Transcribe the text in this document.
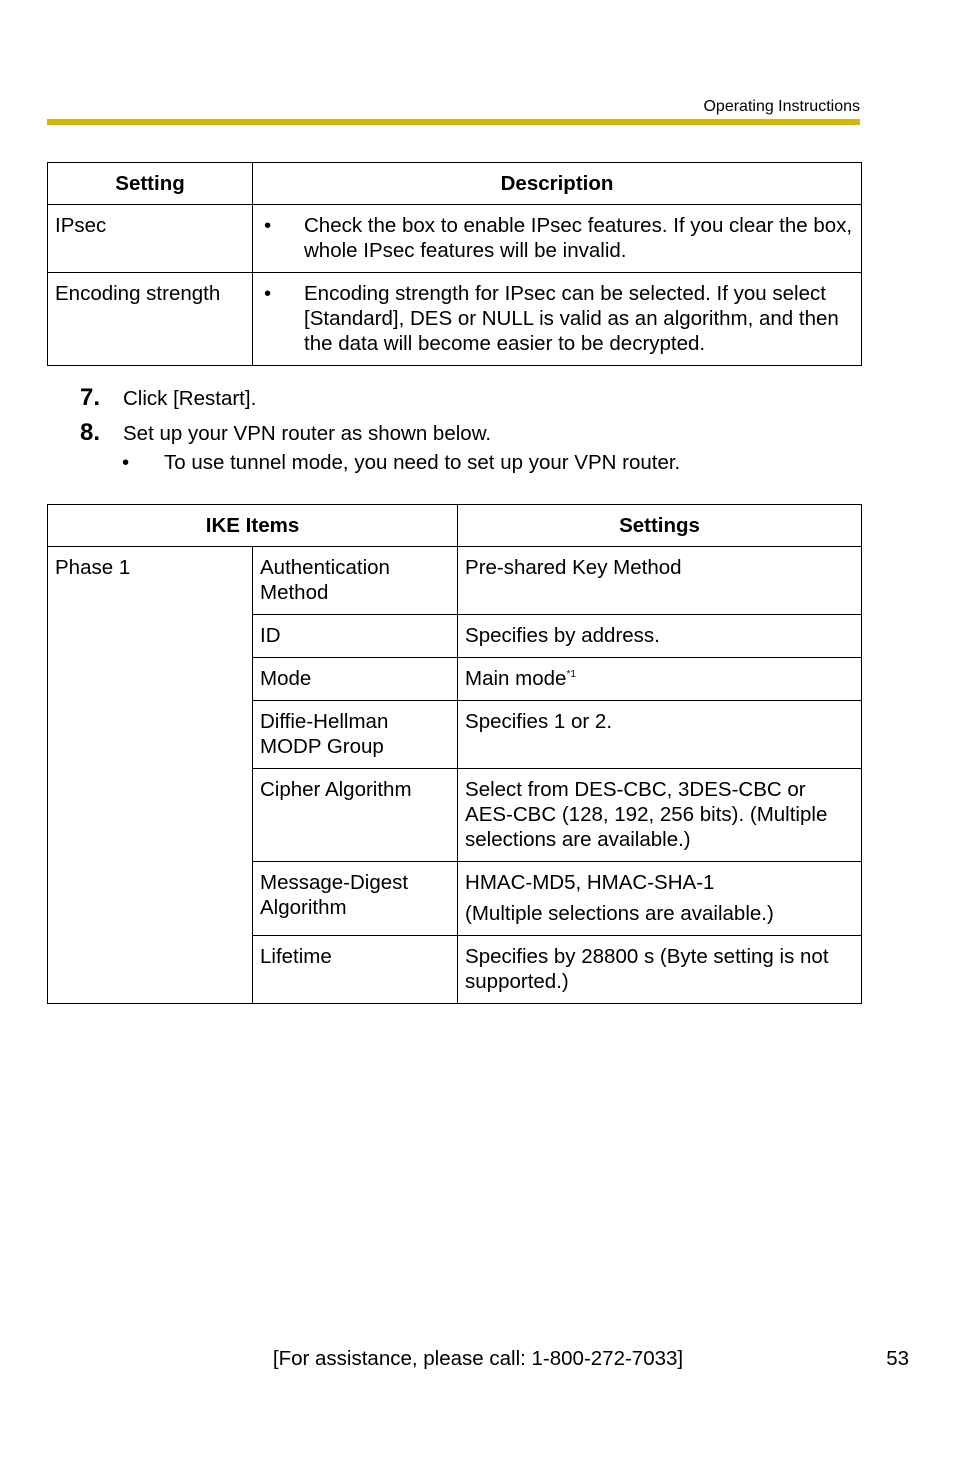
Operating Instructions
Setting	Description
IPsec	• Check the box to enable IPsec features. If you clear the box, whole IPsec features will be invalid.

Encoding strength	• Encoding strength for IPsec can be selected. If you select [Standard], DES or NULL is valid as an algorithm, and then the data will become easier to be decrypted.
7.	Click [Restart].
8.	Set up your VPN router as shown below.
•	To use tunnel mode, you need to set up your VPN router.
IKE Items		Settings
Phase 1	Authentication Method	Pre-shared Key Method
	ID	Specifies by address.
	Mode	Main mode$^{*1}$
	Diffie-Hellman MODP Group	Specifies 1 or 2.
	Cipher Algorithm	Select from DES-CBC, 3DES-CBC or AES-CBC (128, 192, 256 bits). (Multiple selections are available.)
	Message-Digest Algorithm	HMAC-MD5, HMAC-SHA-1
(Multiple selections are available.)

	Lifetime	Specifies by 28800 s (Byte setting is not supported.)
[For assistance, please call: 1-800-272-7033]	53
